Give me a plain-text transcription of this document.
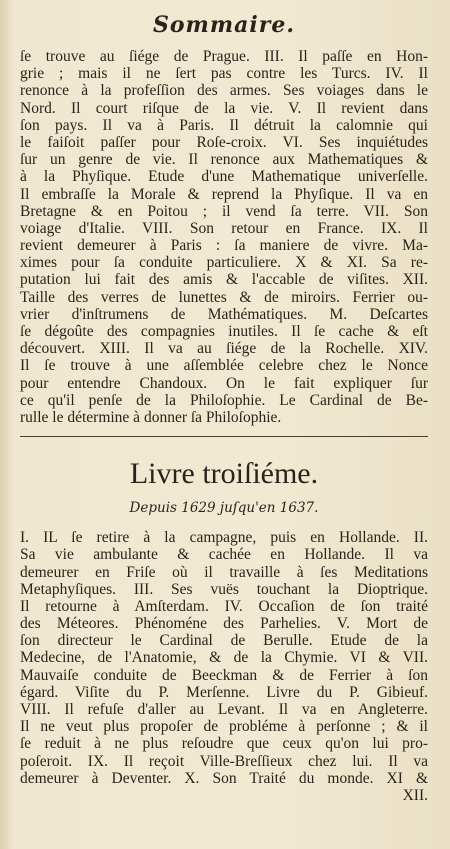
Sommaire.
ſe trouve au ſiége de Prague. III. Il paſſe en Hon-
grie ; mais il ne ſert pas contre les Turcs. IV. Il
renonce à la profeſſion des armes. Ses voiages dans le
Nord. Il court riſque de la vie. V. Il revient dans
ſon pays. Il va à Paris. Il détruit la calomnie qui
le faiſoit paſſer pour Roſe-croix. VI. Ses inquiétudes
ſur un genre de vie. Il renonce aux Mathematiques &
à la Phyſique. Etude d'une Mathematique univerſelle.
Il embraſſe la Morale & reprend la Phyſique. Il va en
Bretagne & en Poitou ; il vend ſa terre. VII. Son
voiage d'Italie. VIII. Son retour en France. IX. Il
revient demeurer à Paris : ſa maniere de vivre. Ma-
ximes pour ſa conduite particuliere. X & XI. Sa re-
putation lui fait des amis & l'accable de viſites. XII.
Taille des verres de lunettes & de miroirs. Ferrier ou-
vrier d'inſtrumens de Mathématiques. M. Deſcartes
ſe dégoûte des compagnies inutiles. Il ſe cache & eſt
découvert. XIII. Il va au ſiége de la Rochelle. XIV.
Il ſe trouve à une aſſemblée celebre chez le Nonce
pour entendre Chandoux. On le fait expliquer ſur
ce qu'il penſe de la Philoſophie. Le Cardinal de Be-
rulle le détermine à donner ſa Philoſophie.
Livre troiſiéme.
Depuis 1629 juſqu'en 1637.
I. IL ſe retire à la campagne, puis en Hollande. II.
Sa vie ambulante & cachée en Hollande. Il va
demeurer en Friſe où il travaille à ſes Meditations
Metaphyſiques. III. Ses vuës touchant la Dioptrique.
Il retourne à Amſterdam. IV. Occaſion de ſon traité
des Méteores. Phénoméne des Parhelies. V. Mort de
ſon directeur le Cardinal de Berulle. Etude de la
Medecine, de l'Anatomie, & de la Chymie. VI & VII.
Mauvaiſe conduite de Beeckman & de Ferrier à ſon
égard. Viſite du P. Merſenne. Livre du P. Gibieuf.
VIII. Il refuſe d'aller au Levant. Il va en Angleterre.
Il ne veut plus propoſer de probléme à perſonne ; & il
ſe reduit à ne plus reſoudre que ceux qu'on lui pro-
poſeroit. IX. Il reçoit Ville-Breſſieux chez lui. Il va
demeurer à Deventer. X. Son Traité du monde. XI &
XII.
